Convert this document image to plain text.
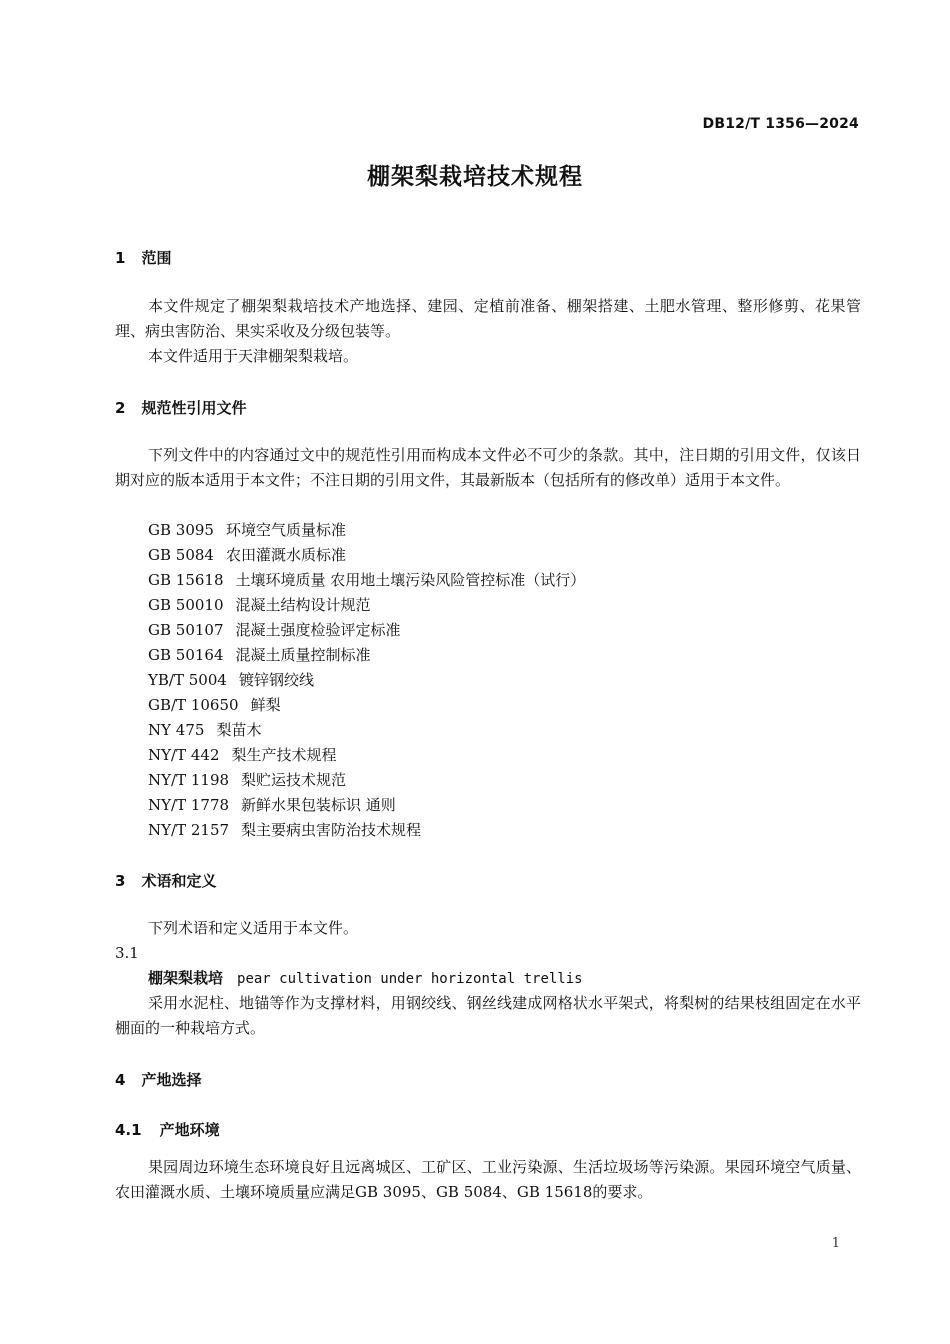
DB12/T 1356—2024
棚架梨栽培技术规程
1 范围
本文件规定了棚架梨栽培技术产地选择、建园、定植前准备、棚架搭建、土肥水管理、整形修剪、花果管理、病虫害防治、果实采收及分级包装等。
本文件适用于天津棚架梨栽培。
2 规范性引用文件
下列文件中的内容通过文中的规范性引用而构成本文件必不可少的条款。其中，注日期的引用文件，仅该日期对应的版本适用于本文件；不注日期的引用文件，其最新版本（包括所有的修改单）适用于本文件。
GB 3095 环境空气质量标准
GB 5084 农田灌溉水质标准
GB 15618 土壤环境质量 农用地土壤污染风险管控标准（试行）
GB 50010 混凝土结构设计规范
GB 50107 混凝土强度检验评定标准
GB 50164 混凝土质量控制标准
YB/T 5004 镀锌钢绞线
GB/T 10650 鲜梨
NY 475 梨苗木
NY/T 442 梨生产技术规程
NY/T 1198 梨贮运技术规范
NY/T 1778 新鲜水果包装标识 通则
NY/T 2157 梨主要病虫害防治技术规程
3 术语和定义
下列术语和定义适用于本文件。
3.1
棚架梨栽培 pear cultivation under horizontal trellis
采用水泥柱、地锚等作为支撑材料，用钢绞线、钢丝线建成网格状水平架式，将梨树的结果枝组固定在水平棚面的一种栽培方式。
4 产地选择
4.1 产地环境
果园周边环境生态环境良好且远离城区、工矿区、工业污染源、生活垃圾场等污染源。果园环境空气质量、农田灌溉水质、土壤环境质量应满足GB 3095、GB 5084、GB 15618的要求。
1
